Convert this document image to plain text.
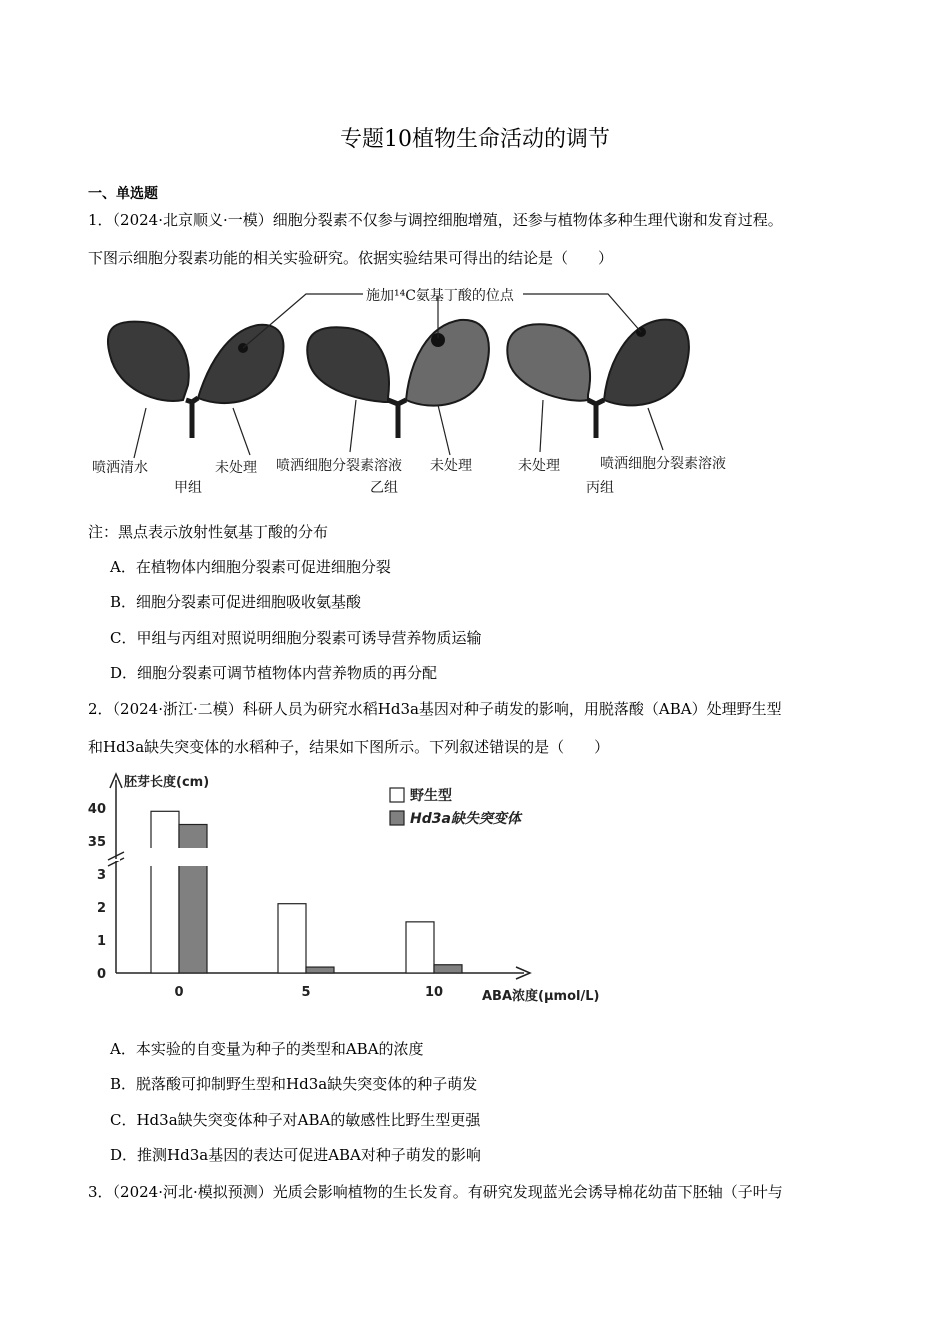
专题10植物生命活动的调节
一、单选题
1．（2024·北京顺义·一模）细胞分裂素不仅参与调控细胞增殖，还参与植物体多种生理代谢和发育过程。
下图示细胞分裂素功能的相关实验研究。依据实验结果可得出的结论是（　　）
施加¹⁴C氨基丁酸的位点
喷洒清水	未处理
甲组
喷洒细胞分裂素溶液 未处理
乙组
未处理	喷洒细胞分裂素溶液
丙组
注：黑点表示放射性氨基丁酸的分布
A．在植物体内细胞分裂素可促进细胞分裂
B．细胞分裂素可促进细胞吸收氨基酸
C．甲组与丙组对照说明细胞分裂素可诱导营养物质运输
D．细胞分裂素可调节植物体内营养物质的再分配
2．（2024·浙江·二模）科研人员为研究水稻Hd3a基因对种子萌发的影响，用脱落酸（ABA）处理野生型
和Hd3a缺失突变体的水稻种子，结果如下图所示。下列叙述错误的是（　　）
胚芽长度(cm)
ABA浓度(μmol/L)
0
1
2
3
35
40
0	5	10
野生型
Hd3a缺失突变体
A．本实验的自变量为种子的类型和ABA的浓度
B．脱落酸可抑制野生型和Hd3a缺失突变体的种子萌发
C．Hd3a缺失突变体种子对ABA的敏感性比野生型更强
D．推测Hd3a基因的表达可促进ABA对种子萌发的影响
3．（2024·河北·模拟预测）光质会影响植物的生长发育。有研究发现蓝光会诱导棉花幼苗下胚轴（子叶与
